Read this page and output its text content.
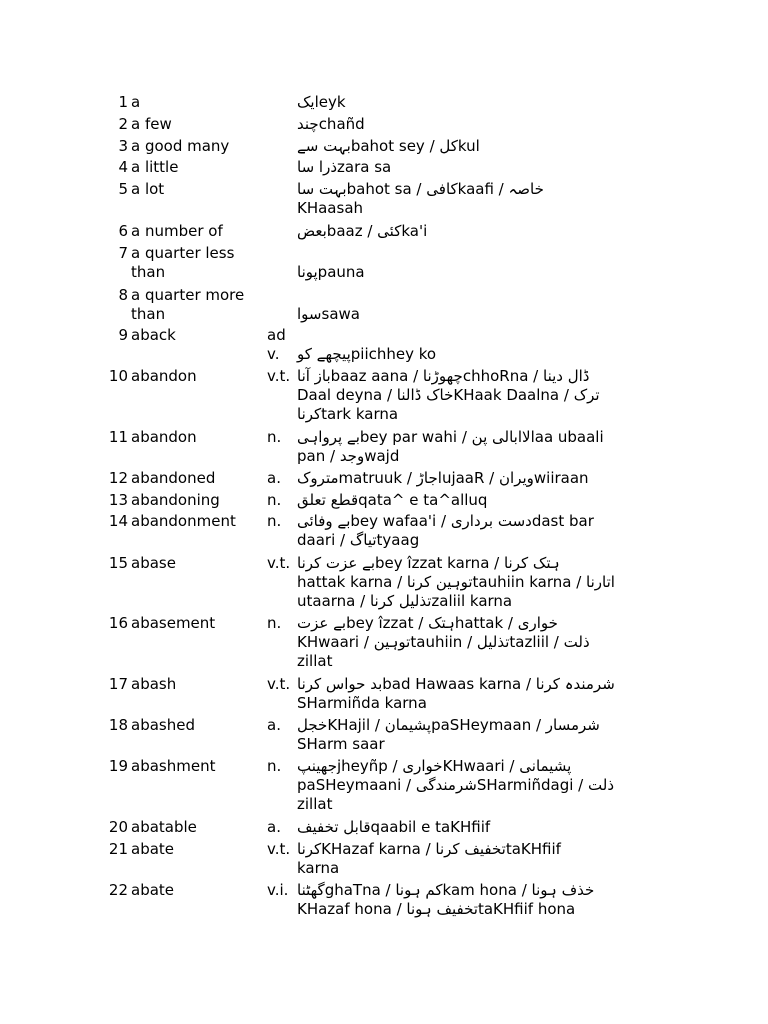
1 a	ایکeyk
2 a few	چندchañd
3 a good many	بہت سےbahot sey / کلkul
4 a little	ذرا ساzara sa
5 a lot	بہت ساbahot sa / کافیkaafi / خاصہ
KHaasah
6 a number of	بعضbaaz / کئیka'i
7 a quarter less
than	پوناpauna
8 a quarter more
than	سواsawa
9 aback	ad
v.	پیچھے کوpiichhey ko
10 abandon	v.t. باز آناbaaz aana / چھوڑناchhoRna / ڈال دینا
Daal deyna / خاک ڈالناKHaak Daalna / ترک
کرناtark karna
11 abandon	n.	بے پرواہیbey par wahi / لاابالی پنlaa ubaali
pan / وجدwajd
12 abandoned	a.	متروکmatruuk / اجاڑujaaR / ویرانwiiraan
13 abandoning	n.	قطع تعلقqata^ e ta^alluq
14 abandonment	n.	بے وفائیbey wafaa'i / دست برداریdast bar
daari / تیاگtyaag
15 abase	v.t. بے عزت کرناbey îzzat karna / ہتک کرنا
hattak karna / توہین کرناtauhiin karna / اتارنا
utaarna / تذلیل کرناzaliil karna
16 abasement	n.	بے عزتbey îzzat / ہتکhattak / خواری
KHwaari / توہینtauhiin / تذلیلtazliil / ذلت
zillat
17 abash	v.t. بد حواس کرناbad Hawaas karna / شرمندہ کرنا
SHarmiñda karna
18 abashed	a.	خجلKHajil / پشیمانpaSHeymaan / شرمسار
SHarm saar
19 abashment	n.	جھینپjheyñp / خواریKHwaari / پشیمانی
paSHeymaani / شرمندگیSHarmiñdagi / ذلت
zillat
20 abatable	a.	قابل تخفیفqaabil e taKHfiif
21 abate	v.t. کرناKHazaf karna / تخفیف کرناtaKHfiif
karna
22 abate	v.i. گھٹناghaTna / کم ہوناkam hona / خذف ہونا
KHazaf hona / تخفیف ہوناtaKHfiif hona
